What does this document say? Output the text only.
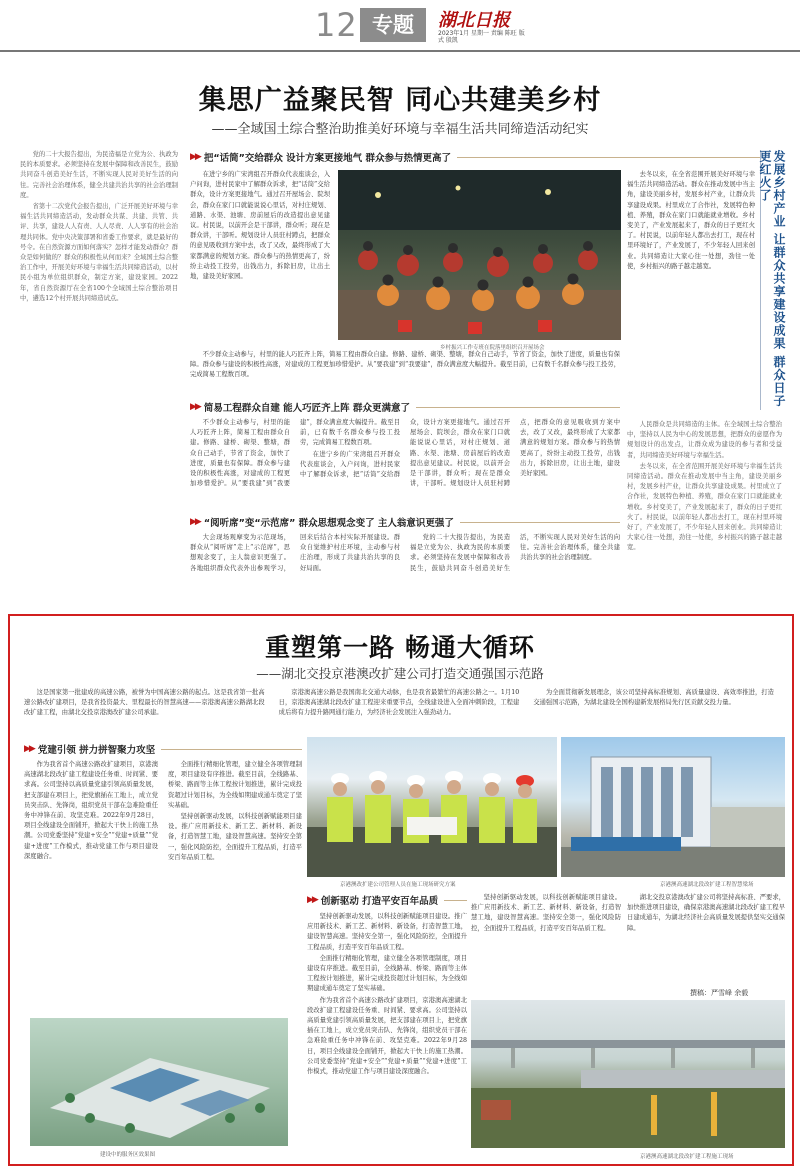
12 专题	湖北日报
2023年1月 星期一 责编 陈旺 版式 殷凯
集思广益聚民智 同心共建美乡村
——全域国土综合整治助推美好环境与幸福生活共同缔造活动纪实

党的二十大报告提出，为民造福是立党为公、执政为民的本质要求。必须坚持在发展中保障和改善民生，鼓励共同奋斗创造美好生活，不断实现人民对美好生活的向往。完善社会治理体系，健全共建共治共享的社会治理制度。

省第十二次党代会报告提出，广泛开展美好环境与幸福生活共同缔造活动，发动群众共谋、共建、共管、共评、共享，建设人人有责、人人尽责、人人享有的社会治理共同体。党中央决策部署和省委工作要求，就是最好的号令。在自然资源方面如何落实？怎样才能发动群众？群众是如何做的？群众的积极性从何而来？全域国土综合整治工作中，开展美好环境与幸福生活共同缔造活动，以村民小组为单位组织群众，制定方案，建设家园。2022年，省自然资源厅在全省100个全域国土综合整治项目中，遴选12个村开展共同缔造试点。

▶▶ 把“话筒”交给群众 设计方案更接地气 群众参与热情更高了

在进宁乡的广宋湾组召开群众代表座谈会，入户问询，进村民家中了解群众诉求，把“话筒”交给群众，设计方案更接地气。通过召开屋场会、院坝会，群众在家门口就能说说心里话，对村庄规划、道路、水渠、池塘、房前屋后的改造提出意见建议。村民说，以前开会是干部讲，群众听；现在是群众讲，干部听。规划设计人员驻村蹲点，把群众的意见吸收到方案中去，改了又改，最终形成了大家都满意的规划方案。群众参与的热情更高了，纷纷主动投工投劳，出钱出力，拆除旧房，让出土地，建设美好家园。

乡村振兴工作专班在院落里组织召开屋场会

去冬以来，在全省范围开展美好环境与幸福生活共同缔造活动。群众在推动发展中当主角，建设美丽乡村，发展乡村产业，让群众共享建设成果。村里成立了合作社，发展特色种植、养殖，群众在家门口就能就业增收。乡村变美了，产业发展起来了，群众的日子更红火了。村民说，以前年轻人都出去打工，现在村里环境好了，产业发展了，不少年轻人回来创业。共同缔造让大家心往一处想，劲往一处使，乡村振兴的路子越走越宽。	发展乡村产业 让群众共享建设成果 群众日子更红火了

不少群众主动参与，村里的能人巧匠齐上阵，简易工程由群众自建。修路、建桥、砌渠、整塘，群众自己动手，节省了资金，加快了进度，质量也有保障。群众参与建设的积极性高涨，对建成的工程更加珍惜爱护。从“要我建”到“我要建”，群众满意度大幅提升。截至目前，已有数千名群众参与投工投劳，完成简易工程数百项。

▶▶ 简易工程群众自建 能人巧匠齐上阵 群众更满意了

不少群众主动参与，村里的能人巧匠齐上阵，简易工程由群众自建。修路、建桥、砌渠、整塘，群众自己动手，节省了资金，加快了进度，质量也有保障。群众参与建设的积极性高涨，对建成的工程更加珍惜爱护。从“要我建”到“我要建”，群众满意度大幅提升。截至目前，已有数千名群众参与投工投劳，完成简易工程数百项。

在进宁乡的广宋湾组召开群众代表座谈会，入户问询，进村民家中了解群众诉求，把“话筒”交给群众，设计方案更接地气。通过召开屋场会、院坝会，群众在家门口就能说说心里话，对村庄规划、道路、水渠、池塘、房前屋后的改造提出意见建议。村民说，以前开会是干部讲，群众听；现在是群众讲，干部听。规划设计人员驻村蹲点，把群众的意见吸收到方案中去，改了又改，最终形成了大家都满意的规划方案。群众参与的热情更高了，纷纷主动投工投劳，出钱出力，拆除旧房，让出土地，建设美好家园。

▶▶ “阅听席”变“示范席” 群众思想观念变了 主人翁意识更强了

大会现场观摩变为示范现场，群众从“阅听席”走上“示范席”，思想观念变了，主人翁意识更强了。各地组织群众代表外出参观学习，回来后结合本村实际开展建设。群众自觉维护村庄环境，主动参与村庄治理，形成了共建共治共享的良好局面。

党的二十大报告提出，为民造福是立党为公、执政为民的本质要求。必须坚持在发展中保障和改善民生，鼓励共同奋斗创造美好生活，不断实现人民对美好生活的向往。完善社会治理体系，健全共建共治共享的社会治理制度。

人民群众是共同缔造的主体。在全域国土综合整治中，坚持以人民为中心的发展思想，把群众的意愿作为规划设计的出发点，让群众成为建设的参与者和受益者，共同缔造美好环境与幸福生活。

去冬以来，在全省范围开展美好环境与幸福生活共同缔造活动。群众在推动发展中当主角，建设美丽乡村，发展乡村产业，让群众共享建设成果。村里成立了合作社，发展特色种植、养殖，群众在家门口就能就业增收。乡村变美了，产业发展起来了，群众的日子更红火了。村民说，以前年轻人都出去打工，现在村里环境好了，产业发展了，不少年轻人回来创业。共同缔造让大家心往一处想，劲往一处使，乡村振兴的路子越走越宽。

重塑第一路 畅通大循环
——湖北交投京港澳改扩建公司打造交通强国示范路

这是国家第一批建成的高速公路，被誉为中国高速公路的起点。这是我省第一批高速公路改扩建项目，是我省投资最大、里程最长的智慧高速——京港澳高速公路湖北段改扩建工程，由湖北交投京港澳改扩建公司承建。

京港澳高速公路是我国南北交通大动脉，也是我省最繁忙的高速公路之一。1月10日，京港澳高速湖北段改扩建工程迎来重要节点，全线建设进入全面冲刺阶段，工程建成后将有力提升路网通行能力，为经济社会发展注入强劲动力。

为全面贯彻新发展理念，该公司坚持高标准规划、高质量建设、高效率推进，打造交通强国示范路，为湖北建设全国构建新发展格局先行区贡献交投力量。

▶▶ 党建引领 拼力拼智聚力攻坚

作为我省首个高速公路改扩建项目，京港澳高速湖北段改扩建工程建设任务重、时间紧、要求高。公司坚持以高质量党建引领高质量发展，把支部建在项目上，把党旗插在工地上，成立党员突击队、先锋岗，组织党员干部在急难险重任务中冲锋在前、攻坚克难。2022年9月28日，项目全线建设全面铺开，掀起大干快上的施工热潮。公司党委坚持“党建+安全”“党建+质量”“党建+进度”工作模式，推动党建工作与项目建设深度融合。

全面推行精细化管理，建立健全各项管理制度，项目建设有序推进。截至目前，全线路基、桥梁、路面等主体工程按计划推进，累计完成投资超过计划目标，为全线如期建成通车奠定了坚实基础。

坚持创新驱动发展，以科技创新赋能项目建设。推广应用新技术、新工艺、新材料、新设备，打造智慧工地，建设智慧高速。坚持安全第一，强化风险防控，全面提升工程品质，打造平安百年品质工程。

京港澳改扩建公司管理人员在施工现场研究方案	京港澳高速湖北段改扩建工程智慧梁场
▶▶ 创新驱动 打造平安百年品质

坚持创新驱动发展，以科技创新赋能项目建设。推广应用新技术、新工艺、新材料、新设备，打造智慧工地，建设智慧高速。坚持安全第一，强化风险防控，全面提升工程品质，打造平安百年品质工程。

全面推行精细化管理，建立健全各项管理制度，项目建设有序推进。截至目前，全线路基、桥梁、路面等主体工程按计划推进，累计完成投资超过计划目标，为全线如期建成通车奠定了坚实基础。

作为我省首个高速公路改扩建项目，京港澳高速湖北段改扩建工程建设任务重、时间紧、要求高。公司坚持以高质量党建引领高质量发展，把支部建在项目上，把党旗插在工地上，成立党员突击队、先锋岗，组织党员干部在急难险重任务中冲锋在前、攻坚克难。2022年9月28日，项目全线建设全面铺开，掀起大干快上的施工热潮。公司党委坚持“党建+安全”“党建+质量”“党建+进度”工作模式，推动党建工作与项目建设深度融合。

坚持创新驱动发展，以科技创新赋能项目建设。推广应用新技术、新工艺、新材料、新设备，打造智慧工地，建设智慧高速。坚持安全第一，强化风险防控，全面提升工程品质，打造平安百年品质工程。

湖北交投京港澳改扩建公司将坚持高标准、严要求，加快推进项目建设，确保京港澳高速湖北段改扩建工程早日建成通车，为湖北经济社会高质量发展提供坚实交通保障。

撰稿：严雪峰 余毅
建设中的服务区效果图	京港澳高速湖北段改扩建工程施工现场
